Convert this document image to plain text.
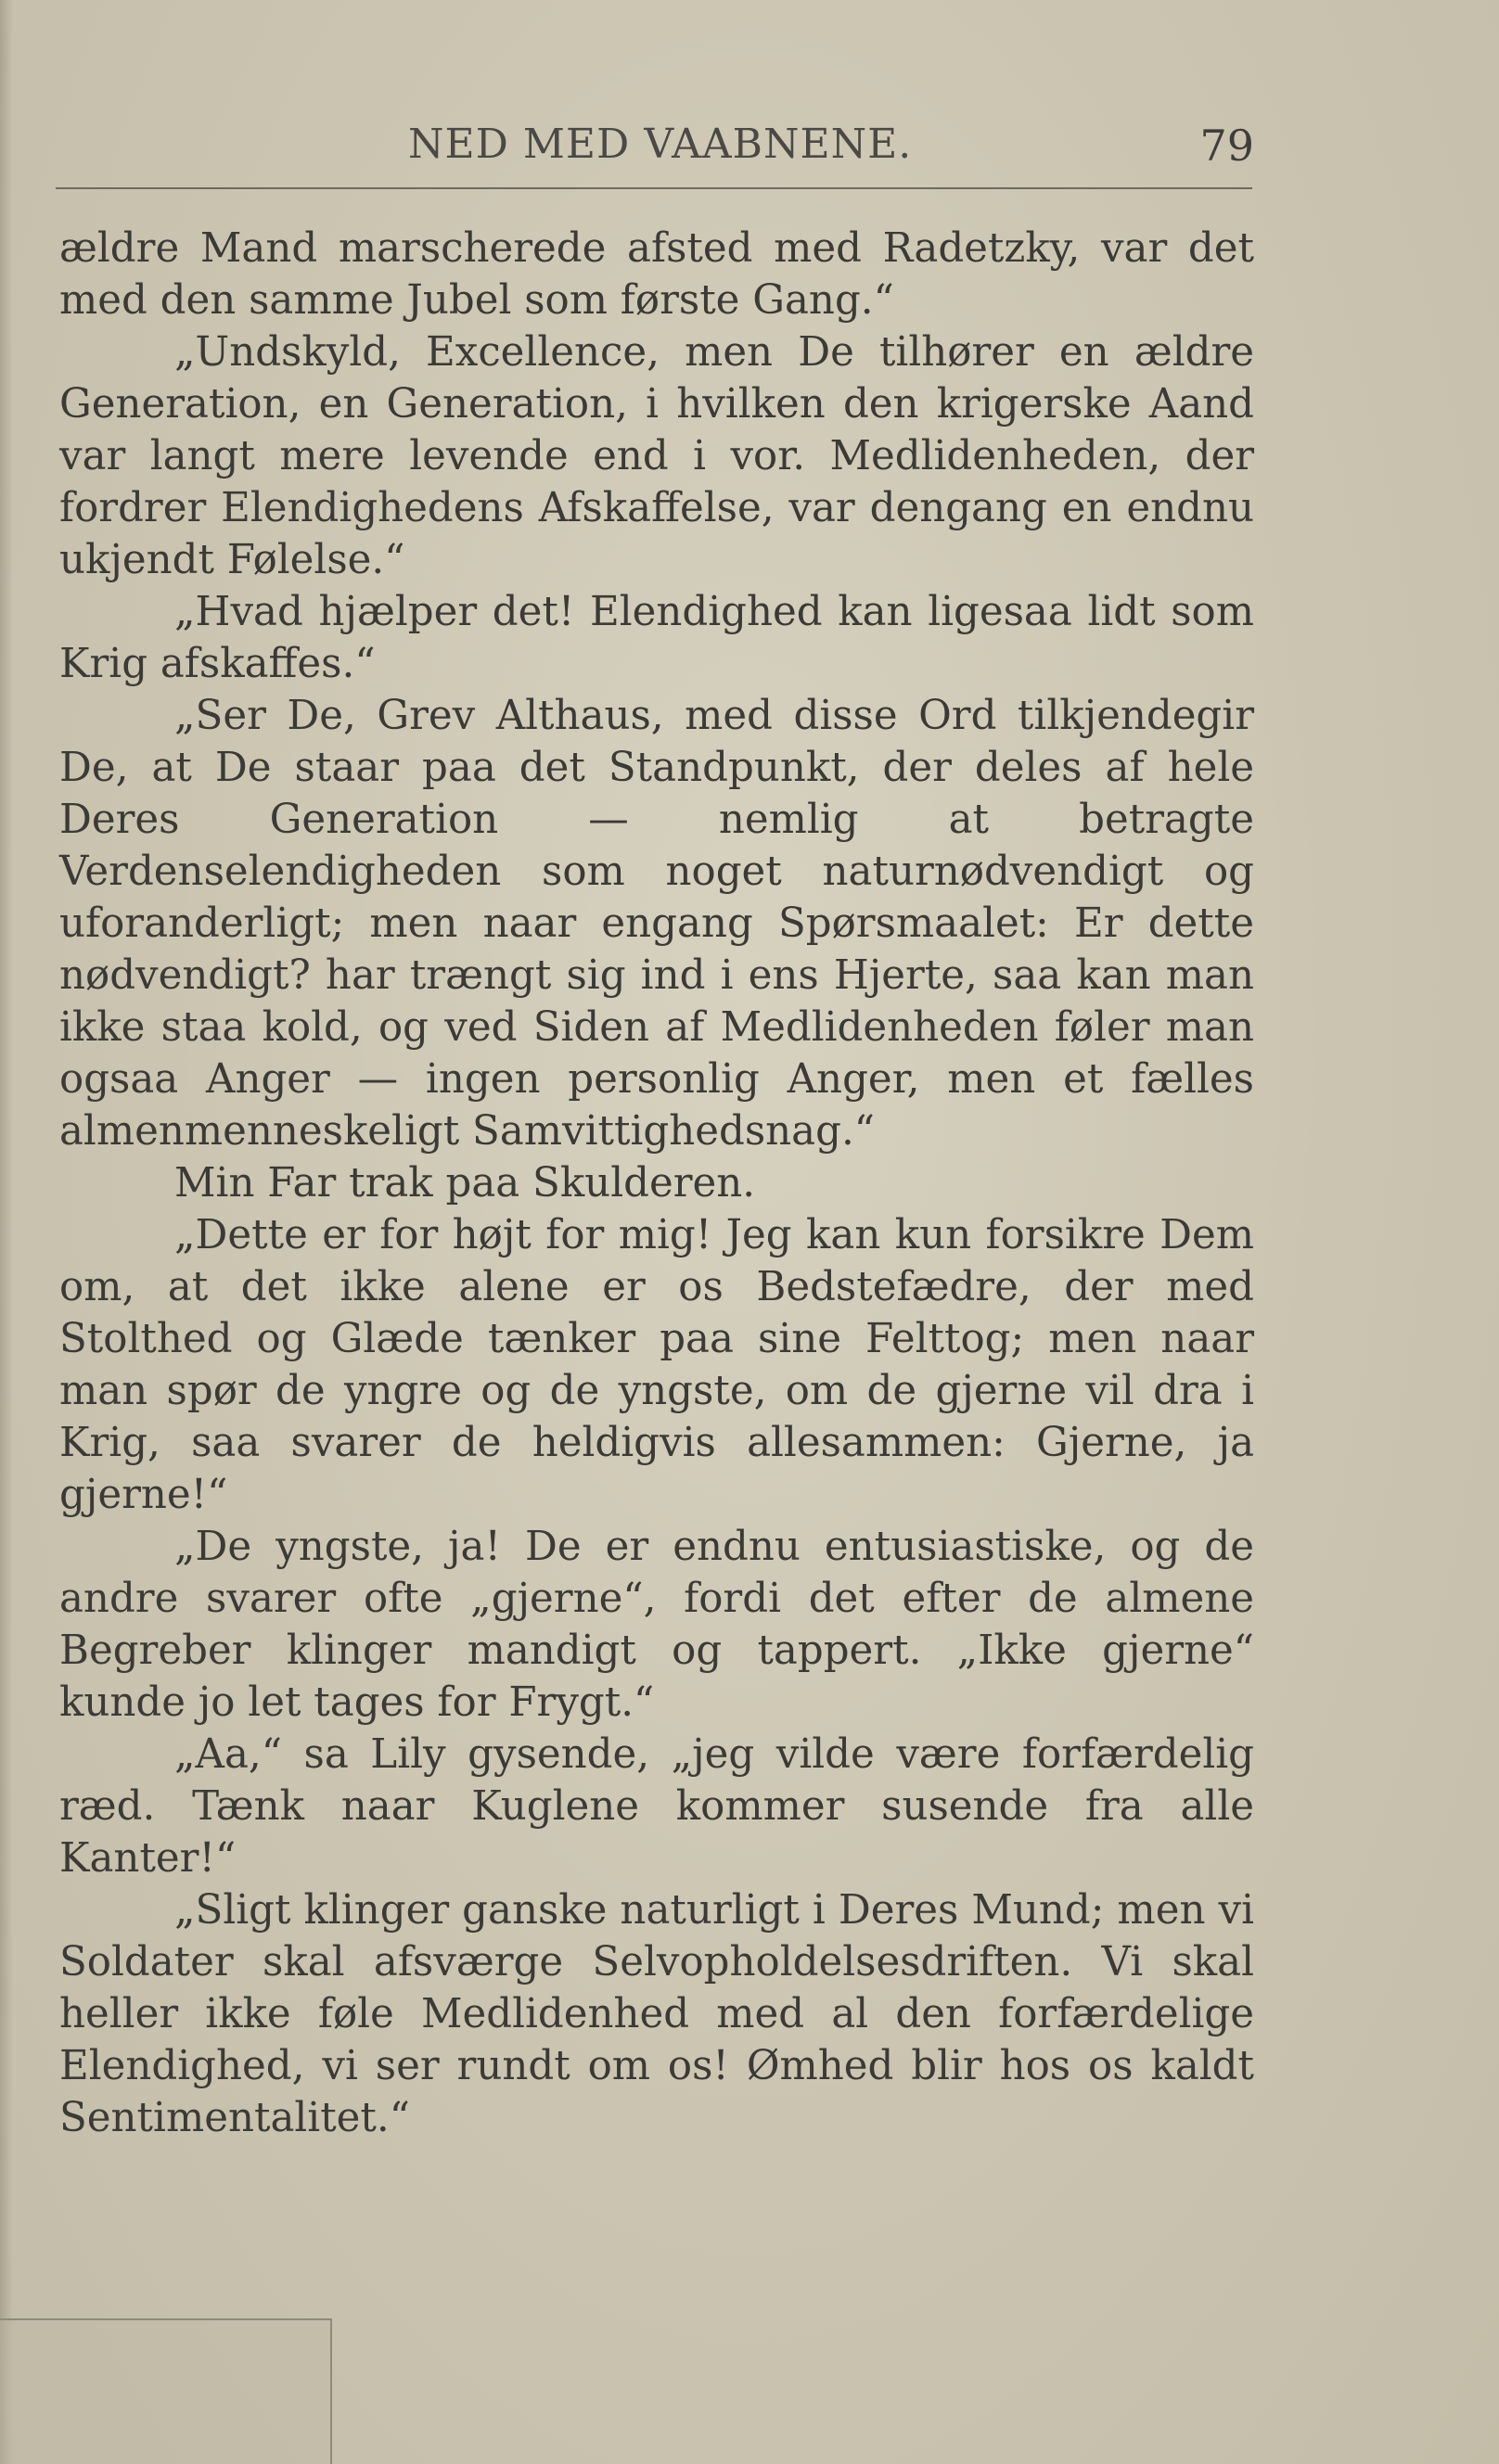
NED MED VAABNENE.	79

ældre Mand marscherede afsted med Radetzky, var det med den samme Jubel som første Gang.“

„Undskyld, Excellence, men De tilhører en ældre Generation, en Generation, i hvilken den krigerske Aand var langt mere levende end i vor. Medlidenheden, der fordrer Elendighedens Afskaffelse, var dengang en endnu ukjendt Følelse.“

„Hvad hjælper det! Elendighed kan ligesaa lidt som Krig afskaffes.“

„Ser De, Grev Althaus, med disse Ord tilkjendegir De, at De staar paa det Standpunkt, der deles af hele Deres Generation — nemlig at betragte Verdenselendigheden som noget naturnødvendigt og uforanderligt; men naar engang Spørsmaalet: Er dette nødvendigt? har trængt sig ind i ens Hjerte, saa kan man ikke staa kold, og ved Siden af Medlidenheden føler man ogsaa Anger — ingen personlig Anger, men et fælles almenmenneskeligt Samvittighedsnag.“

Min Far trak paa Skulderen.

„Dette er for højt for mig! Jeg kan kun forsikre Dem om, at det ikke alene er os Bedstefædre, der med Stolthed og Glæde tænker paa sine Felttog; men naar man spør de yngre og de yngste, om de gjerne vil dra i Krig, saa svarer de heldigvis allesammen: Gjerne, ja gjerne!“

„De yngste, ja! De er endnu entusiastiske, og de andre svarer ofte „gjerne“, fordi det efter de almene Begreber klinger mandigt og tappert. „Ikke gjerne“ kunde jo let tages for Frygt.“

„Aa,“ sa Lily gysende, „jeg vilde være forfærdelig ræd. Tænk naar Kuglene kommer susende fra alle Kanter!“

„Sligt klinger ganske naturligt i Deres Mund; men vi Soldater skal afsværge Selvopholdelsesdriften. Vi skal heller ikke føle Medlidenhed med al den forfærdelige Elendighed, vi ser rundt om os! Ømhed blir hos os kaldt Sentimentalitet.“
